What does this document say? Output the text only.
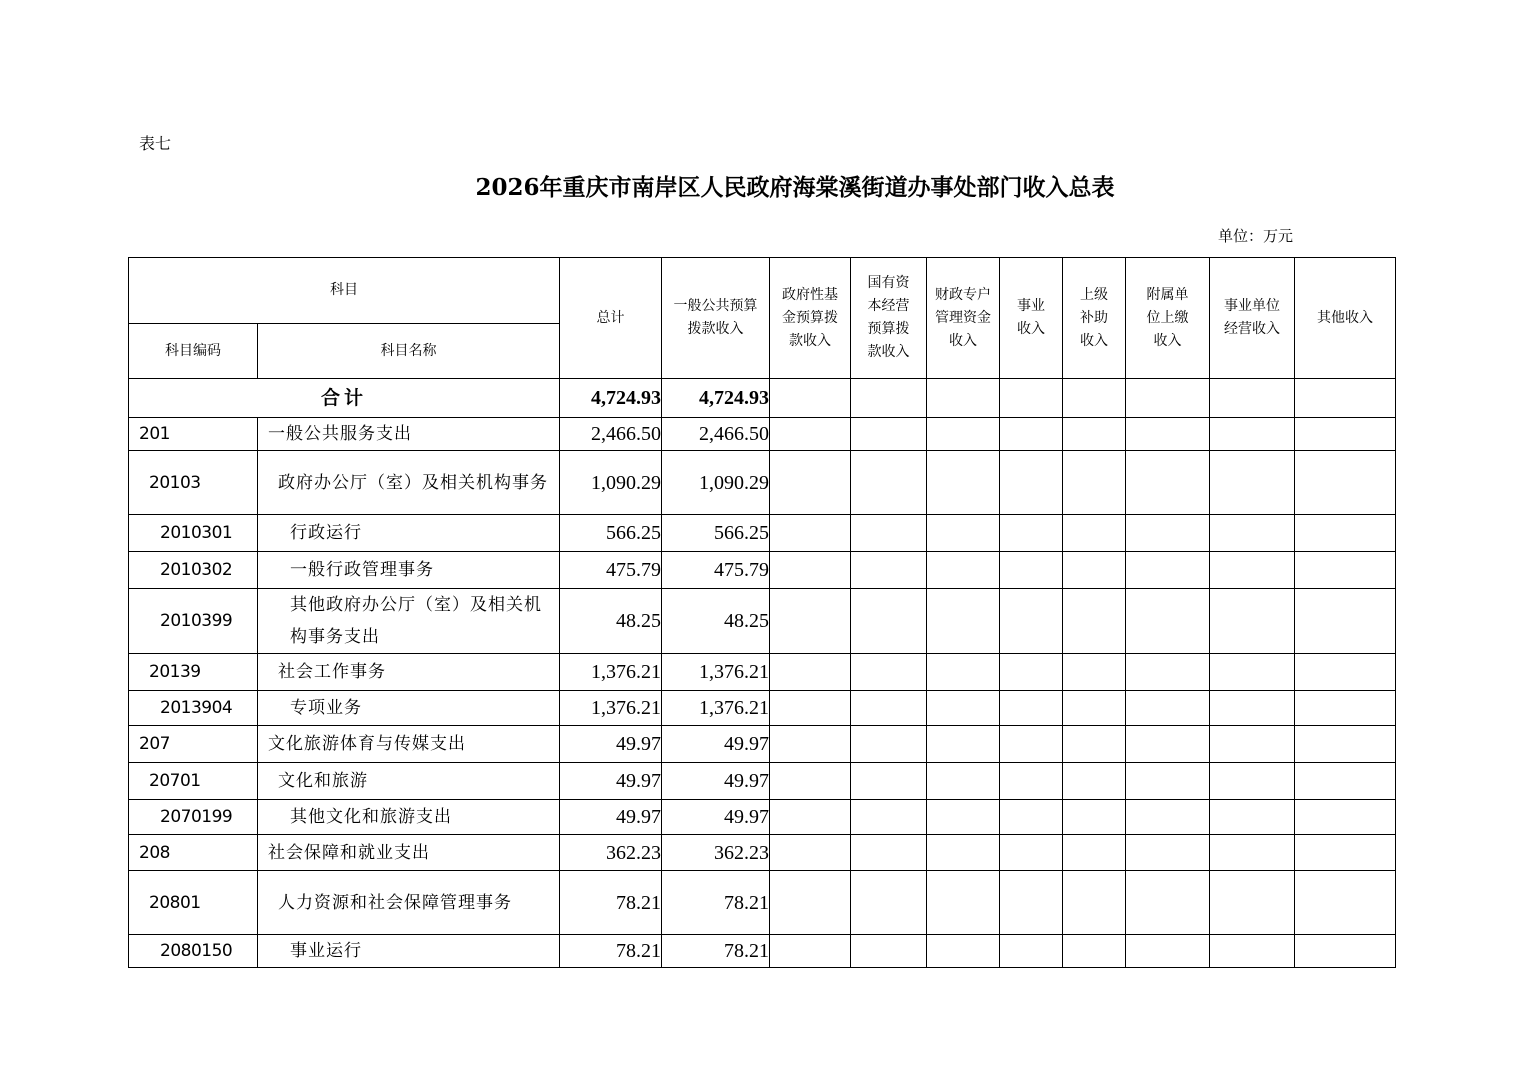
表七
2026年重庆市南岸区人民政府海棠溪街道办事处部门收入总表
单位：万元
科目		总计	一般公共预算拨款收入	政府性基金预算拨款收入	国有资本经营预算拨款收入	财政专户管理资金收入	事业收入	上级补助收入	附属单位上缴收入	事业单位经营收入	其他收入
科目编码	科目名称										
合计		4,724.93	4,724.93								
201	一般公共服务支出	2,466.50	2,466.50								
20103	政府办公厅（室）及相关机构事务	1,090.29	1,090.29								
2010301	行政运行	566.25	566.25								
2010302	一般行政管理事务	475.79	475.79								
2010399	其他政府办公厅（室）及相关机构事务支出	48.25	48.25								
20139	社会工作事务	1,376.21	1,376.21								
2013904	专项业务	1,376.21	1,376.21								
207	文化旅游体育与传媒支出	49.97	49.97								
20701	文化和旅游	49.97	49.97								
2070199	其他文化和旅游支出	49.97	49.97								
208	社会保障和就业支出	362.23	362.23								
20801	人力资源和社会保障管理事务	78.21	78.21								
2080150	事业运行	78.21	78.21								
